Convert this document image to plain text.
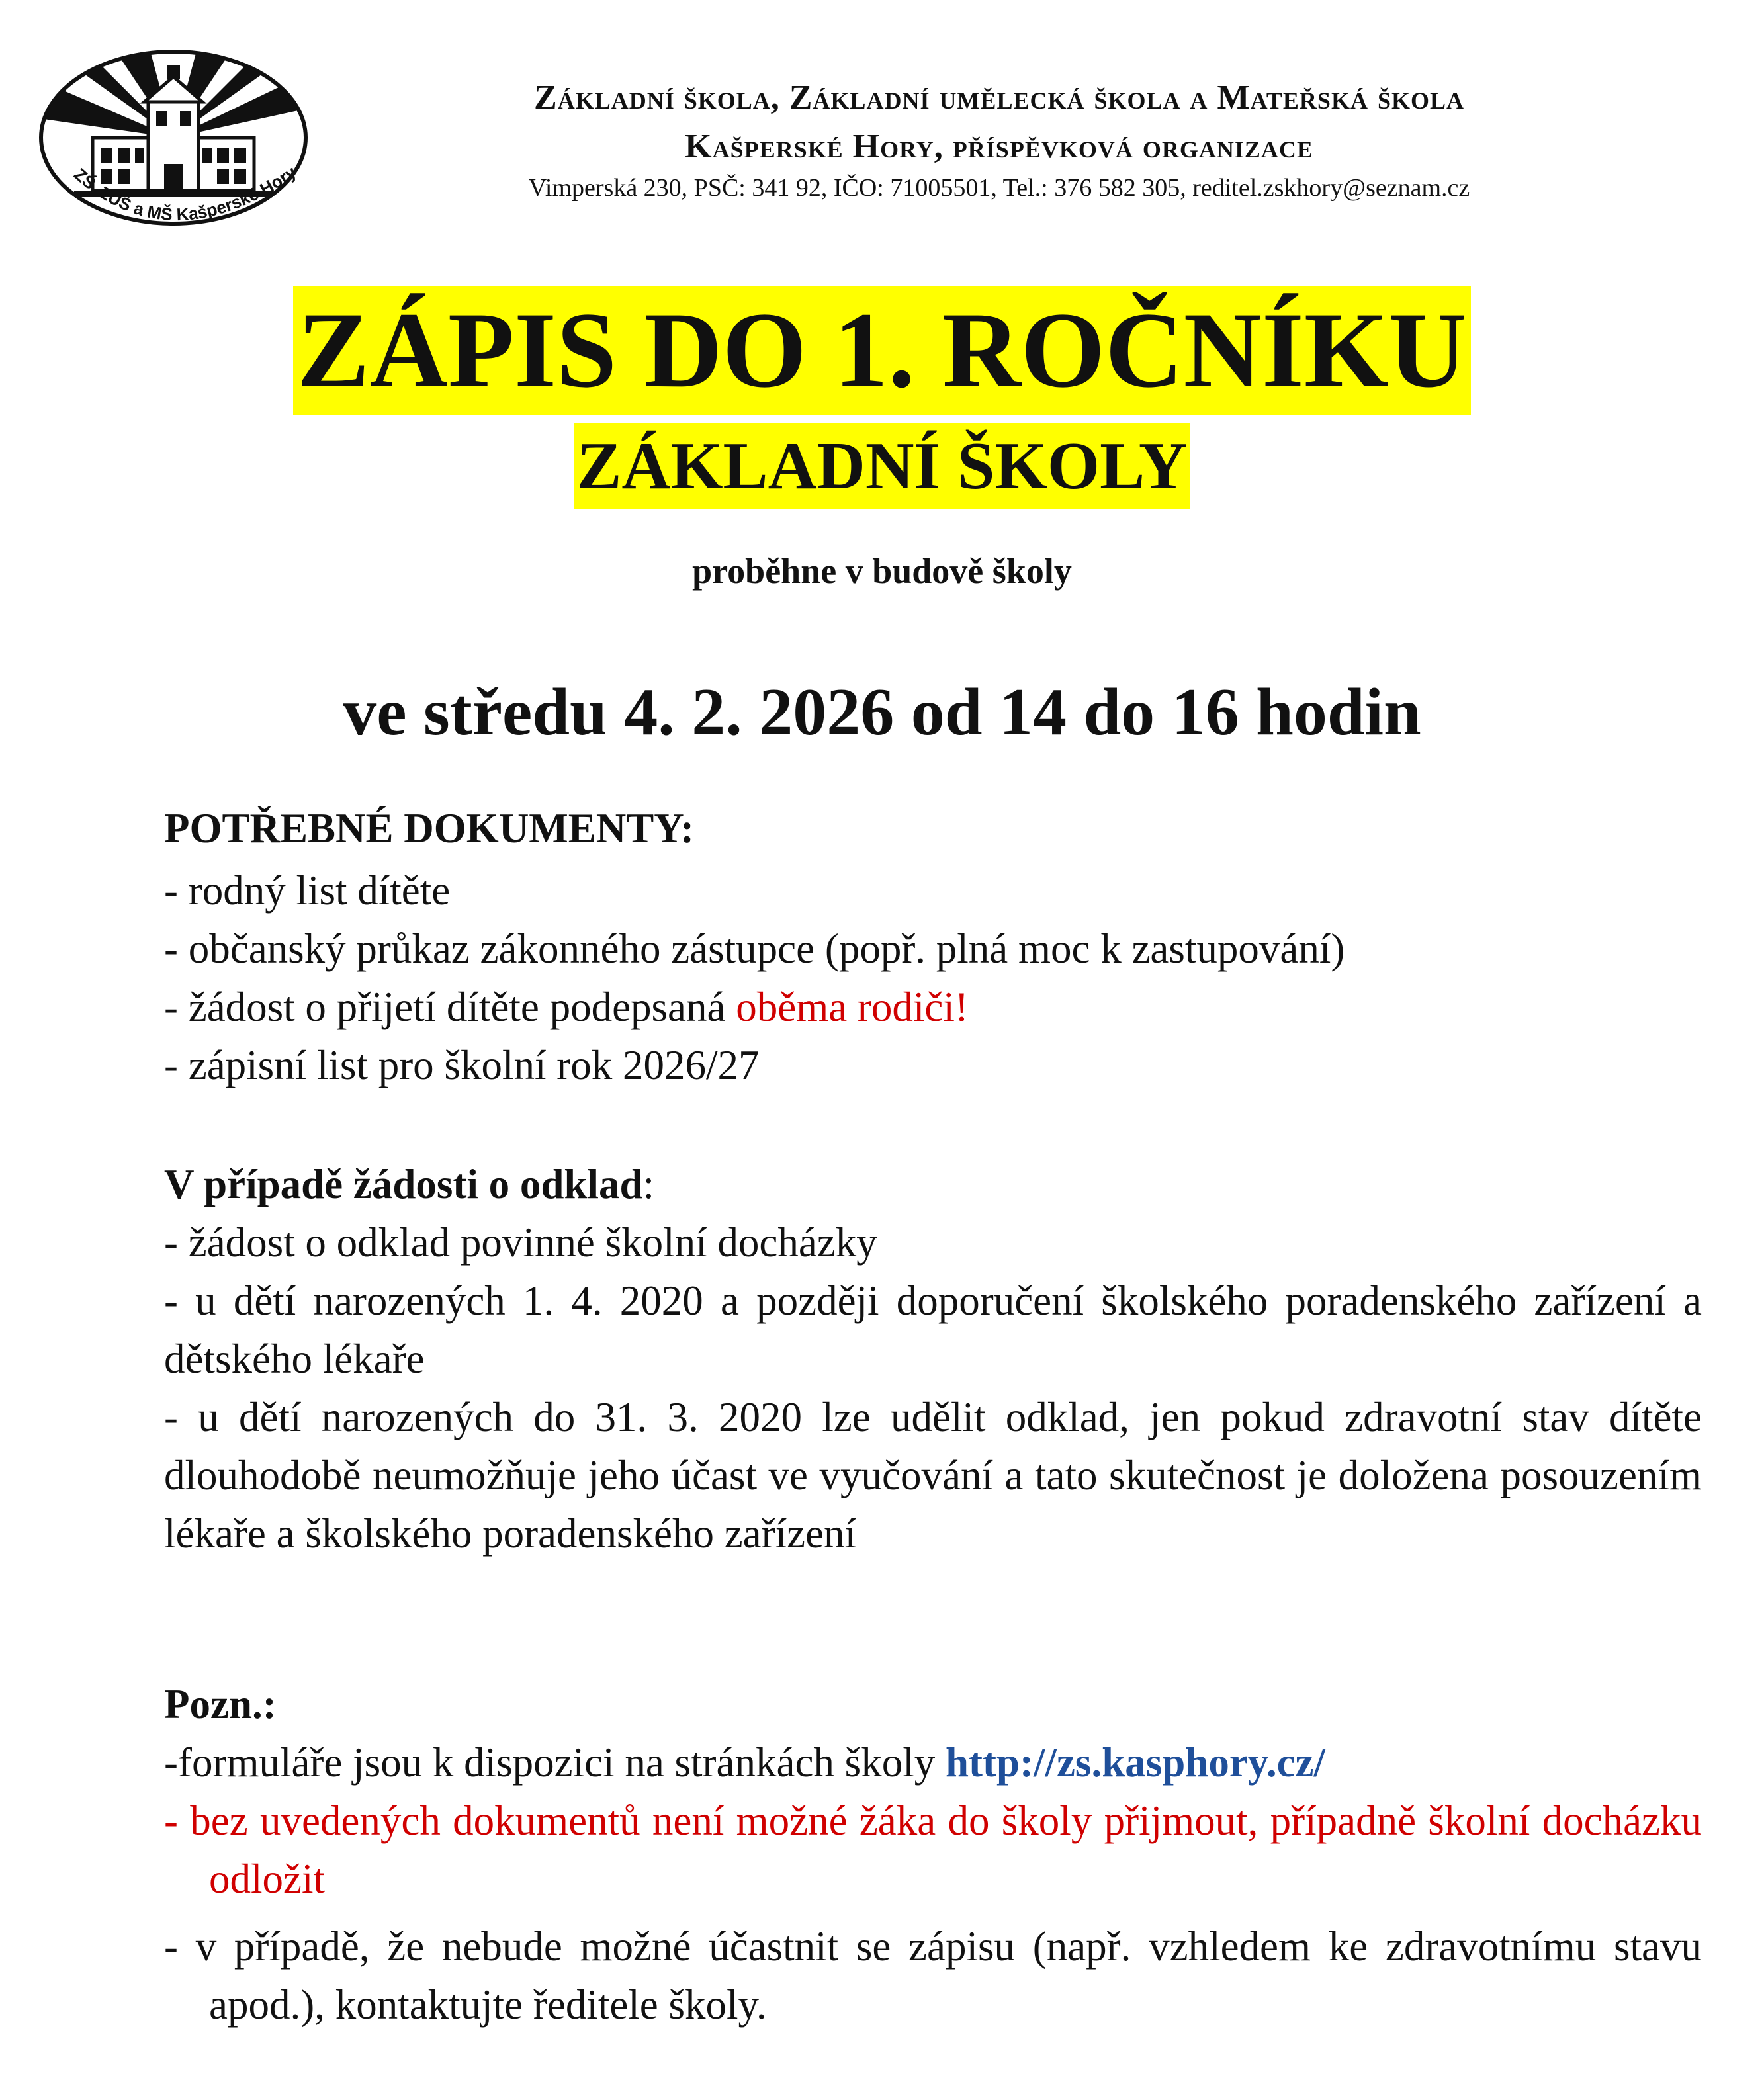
ZŠ, ZUŠ a MŠ Kašperské Hory
Základní škola, Základní umělecká škola a Mateřská škola
Kašperské Hory, příspěvková organizace
Vimperská 230, PSČ: 341 92, IČO: 71005501, Tel.: 376 582 305, reditel.zskhory@seznam.cz
ZÁPIS DO 1. ROČNÍKU
ZÁKLADNÍ ŠKOLY
proběhne v budově školy
ve středu 4. 2. 2026 od 14 do 16 hodin
POTŘEBNÉ DOKUMENTY:
- rodný list dítěte
- občanský průkaz zákonného zástupce (popř. plná moc k zastupování)
- žádost o přijetí dítěte podepsaná oběma rodiči!
- zápisní list pro školní rok 2026/27
V případě žádosti o odklad:
- žádost o odklad povinné školní docházky
- u dětí narozených 1. 4. 2020 a později doporučení školského poradenského zařízení a dětského lékaře
- u dětí narozených do 31. 3. 2020 lze udělit odklad, jen pokud zdravotní stav dítěte dlouhodobě neumožňuje jeho účast ve vyučování a tato skutečnost je doložena posouzením lékaře a školského poradenského zařízení
Pozn.:
-formuláře jsou k dispozici na stránkách školy http://zs.kasphory.cz/
- bez uvedených dokumentů není možné žáka do školy přijmout, případně školní docházku odložit
- v případě, že nebude možné účastnit se zápisu (např. vzhledem ke zdravotnímu stavu apod.), kontaktujte ředitele školy.
